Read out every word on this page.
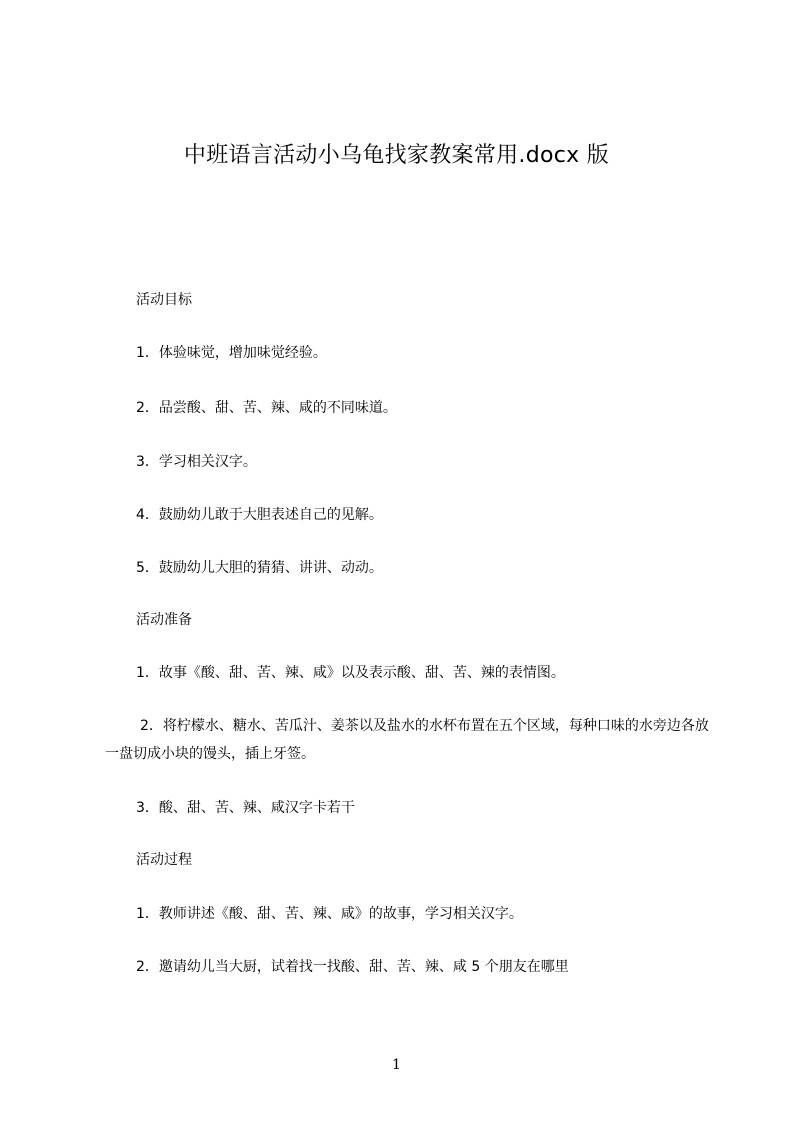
中班语言活动小乌龟找家教案常用.docx 版
活动目标
1．体验味觉，增加味觉经验。
2．品尝酸、甜、苦、辣、咸的不同味道。
3．学习相关汉字。
4．鼓励幼儿敢于大胆表述自己的见解。
5．鼓励幼儿大胆的猜猜、讲讲、动动。
活动准备
1．故事《酸、甜、苦、辣、咸》以及表示酸、甜、苦、辣的表情图。
2．将柠檬水、糖水、苦瓜汁、姜茶以及盐水的水杯布置在五个区域，每种口味的水旁边各放一盘切成小块的馒头，插上牙签。
3．酸、甜、苦、辣、咸汉字卡若干
活动过程
1．教师讲述《酸、甜、苦、辣、咸》的故事，学习相关汉字。
2．邀请幼儿当大厨，试着找一找酸、甜、苦、辣、咸 5 个朋友在哪里
1
